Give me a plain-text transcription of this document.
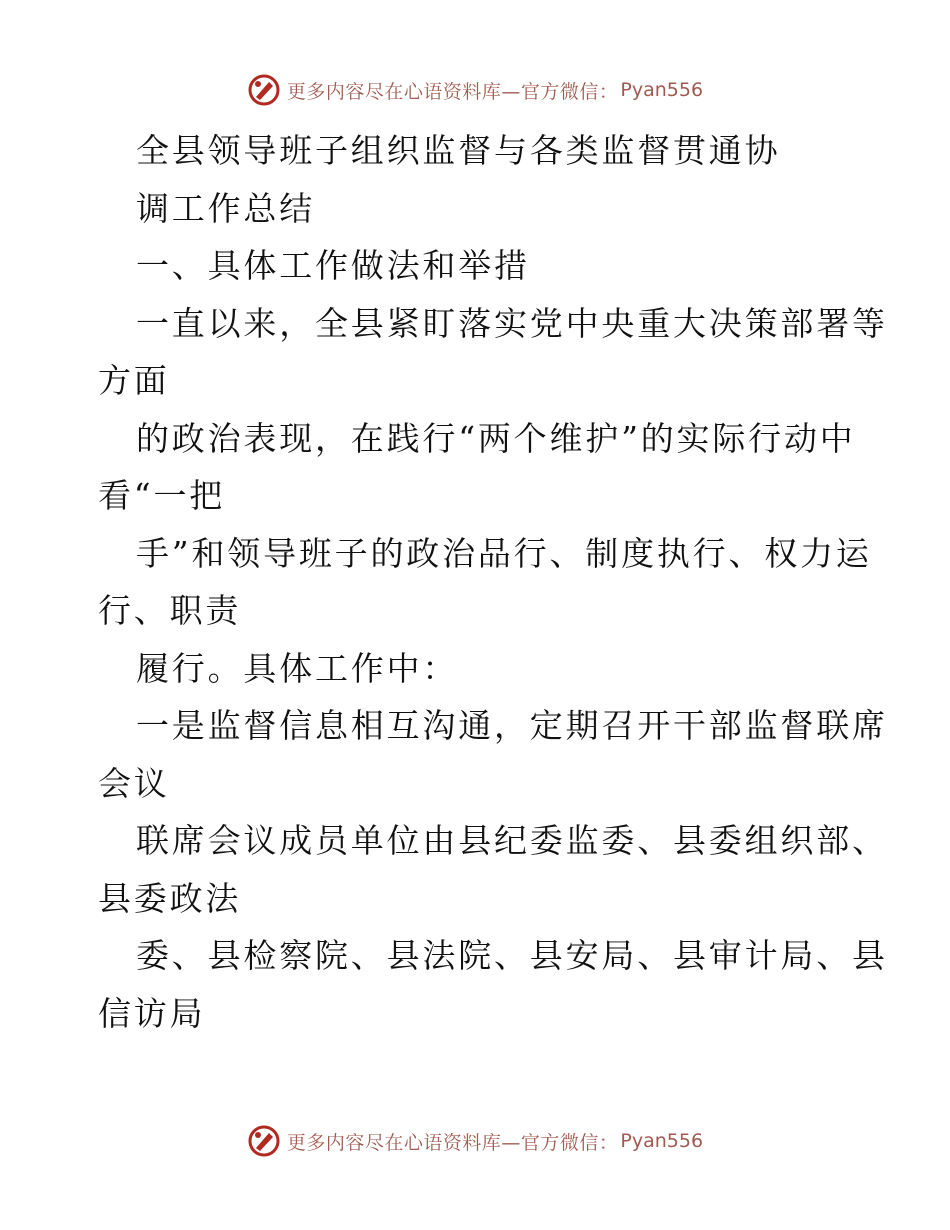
更多内容尽在心语资料库—官方微信： Pyan556
全县领导班子组织监督与各类监督贯通协
调工作总结
一、具体工作做法和举措
一直以来，全县紧盯落实党中央重大决策部署等
方面
的政治表现，在践行“两个维护”的实际行动中
看“一把
手”和领导班子的政治品行、制度执行、权力运
行、职责
履行。具体工作中：
一是监督信息相互沟通，定期召开干部监督联席
会议
联席会议成员单位由县纪委监委、县委组织部、
县委政法
委、县检察院、县法院、县安局、县审计局、县
信访局
更多内容尽在心语资料库—官方微信： Pyan556
